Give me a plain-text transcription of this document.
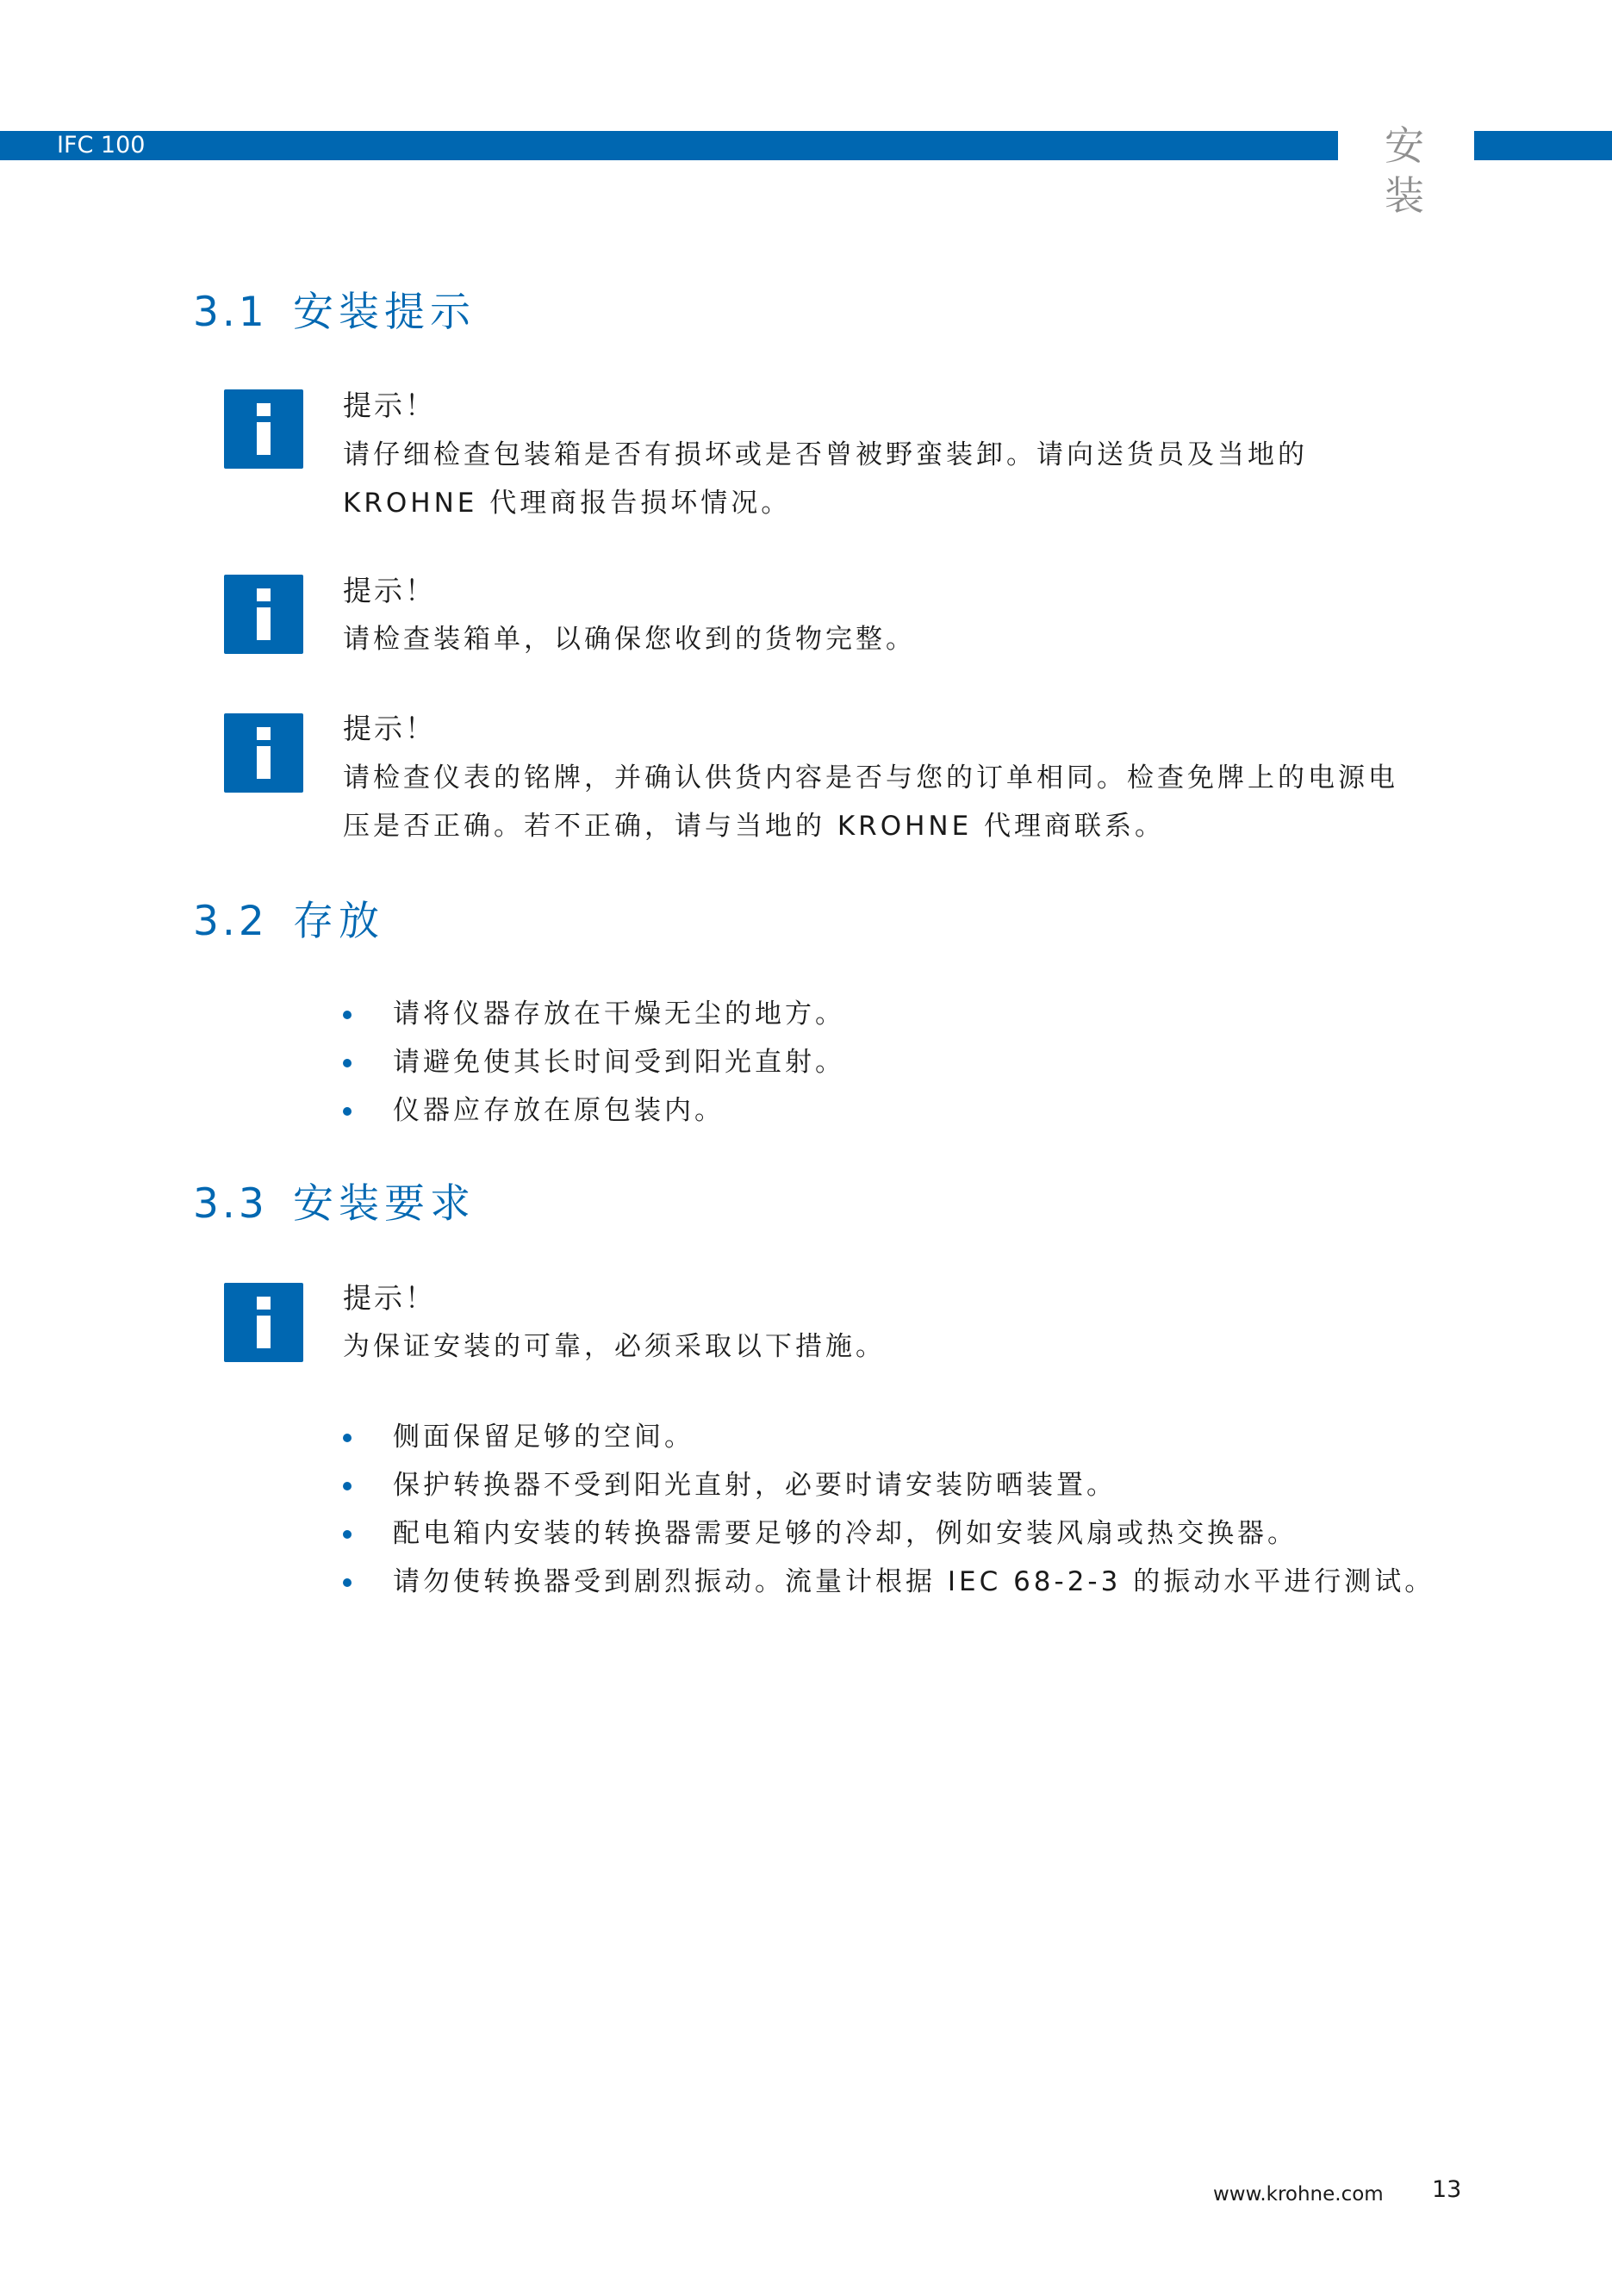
IFC 100	安 装
3.1 安装提示
提示！
请仔细检查包装箱是否有损坏或是否曾被野蛮装卸。请向送货员及当地的
KROHNE 代理商报告损坏情况。
提示！
请检查装箱单，以确保您收到的货物完整。
提示！
请检查仪表的铭牌，并确认供货内容是否与您的订单相同。检查免牌上的电源电
压是否正确。若不正确，请与当地的 KROHNE 代理商联系。
3.2 存放
请将仪器存放在干燥无尘的地方。
请避免使其长时间受到阳光直射。
仪器应存放在原包装内。
3.3 安装要求
提示！
为保证安装的可靠，必须采取以下措施。
侧面保留足够的空间。
保护转换器不受到阳光直射，必要时请安装防晒装置。
配电箱内安装的转换器需要足够的冷却，例如安装风扇或热交换器。
请勿使转换器受到剧烈振动。流量计根据 IEC 68-2-3 的振动水平进行测试。
www.krohne.com 13
